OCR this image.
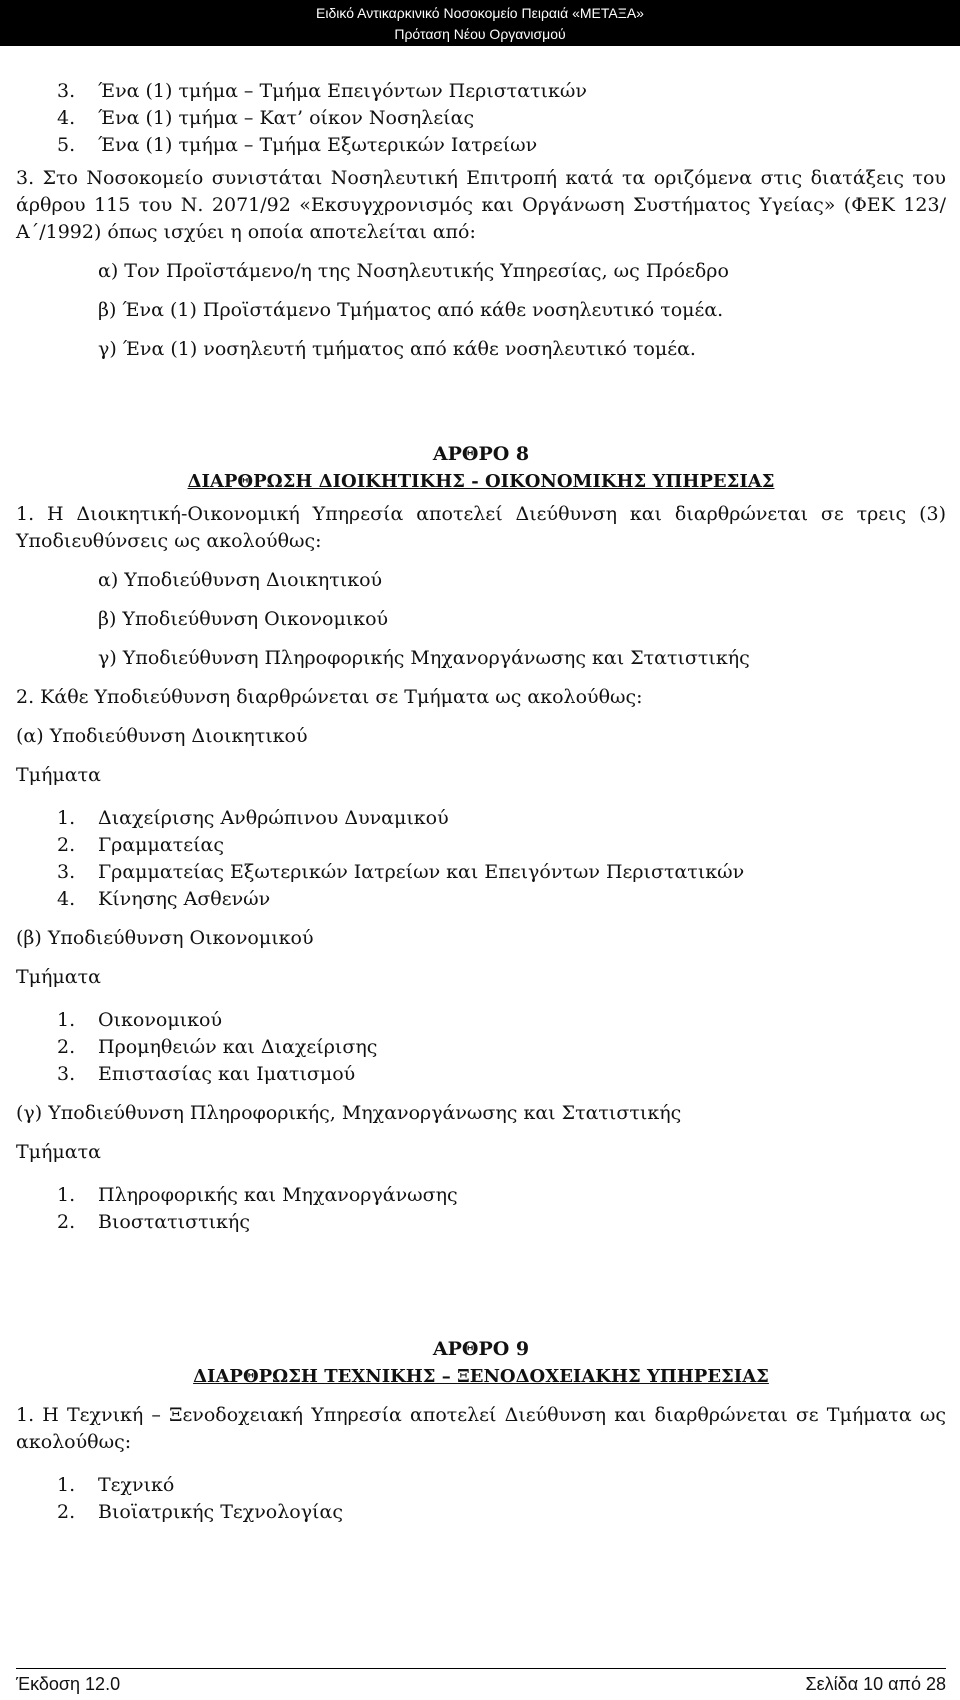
Ειδικό Αντικαρκινικό Νοσοκομείο Πειραιά «ΜΕΤΑΞΑ»
Πρόταση Νέου Οργανισμού
3. Ένα (1) τμήμα – Τμήμα Επειγόντων Περιστατικών
4. Ένα (1) τμήμα – Κατ’ οίκον Νοσηλείας
5. Ένα (1) τμήμα – Τμήμα Εξωτερικών Ιατρείων

3. Στο Νοσοκομείο συνιστάται Νοσηλευτική Επιτροπή κατά τα οριζόμενα στις διατάξεις του άρθρου 115 του Ν. 2071/92 «Εκσυγχρονισμός και Οργάνωση Συστήματος Υγείας» (ΦΕΚ 123/Α΄/1992) όπως ισχύει η οποία αποτελείται από:

α) Τον Προϊστάμενο/η της Νοσηλευτικής Υπηρεσίας, ως Πρόεδρο

β) Ένα (1) Προϊστάμενο Τμήματος από κάθε νοσηλευτικό τομέα.

γ) Ένα (1) νοσηλευτή τμήματος από κάθε νοσηλευτικό τομέα.

ΑΡΘΡΟ 8

ΔΙΑΡΘΡΩΣΗ ΔΙΟΙΚΗΤΙΚΗΣ - ΟΙΚΟΝΟΜΙΚΗΣ ΥΠΗΡΕΣΙΑΣ

1. Η Διοικητική-Οικονομική Υπηρεσία αποτελεί Διεύθυνση και διαρθρώνεται σε τρεις (3) Υποδιευθύνσεις ως ακολούθως:

α) Υποδιεύθυνση Διοικητικού

β) Υποδιεύθυνση Οικονομικού

γ) Υποδιεύθυνση Πληροφορικής Μηχανοργάνωσης και Στατιστικής

2. Κάθε Υποδιεύθυνση διαρθρώνεται σε Τμήματα ως ακολούθως:

(α) Υποδιεύθυνση Διοικητικού

Τμήματα

1. Διαχείρισης Ανθρώπινου Δυναμικού
2. Γραμματείας
3. Γραμματείας Εξωτερικών Ιατρείων και Επειγόντων Περιστατικών
4. Κίνησης Ασθενών

(β) Υποδιεύθυνση Οικονομικού

Τμήματα

1. Οικονομικού
2. Προμηθειών και Διαχείρισης
3. Επιστασίας και Ιματισμού

(γ) Υποδιεύθυνση Πληροφορικής, Μηχανοργάνωσης και Στατιστικής

Τμήματα

1. Πληροφορικής και Μηχανοργάνωσης
2. Βιοστατιστικής

ΑΡΘΡΟ 9

ΔΙΑΡΘΡΩΣΗ ΤΕΧΝΙΚΗΣ – ΞΕΝΟΔΟΧΕΙΑΚΗΣ ΥΠΗΡΕΣΙΑΣ

1. Η Τεχνική – Ξενοδοχειακή Υπηρεσία αποτελεί Διεύθυνση και διαρθρώνεται σε Τμήματα ως ακολούθως:

1. Τεχνικό
2. Βιοϊατρικής Τεχνολογίας
Έκδοση 12.0	Σελίδα 10 από 28
